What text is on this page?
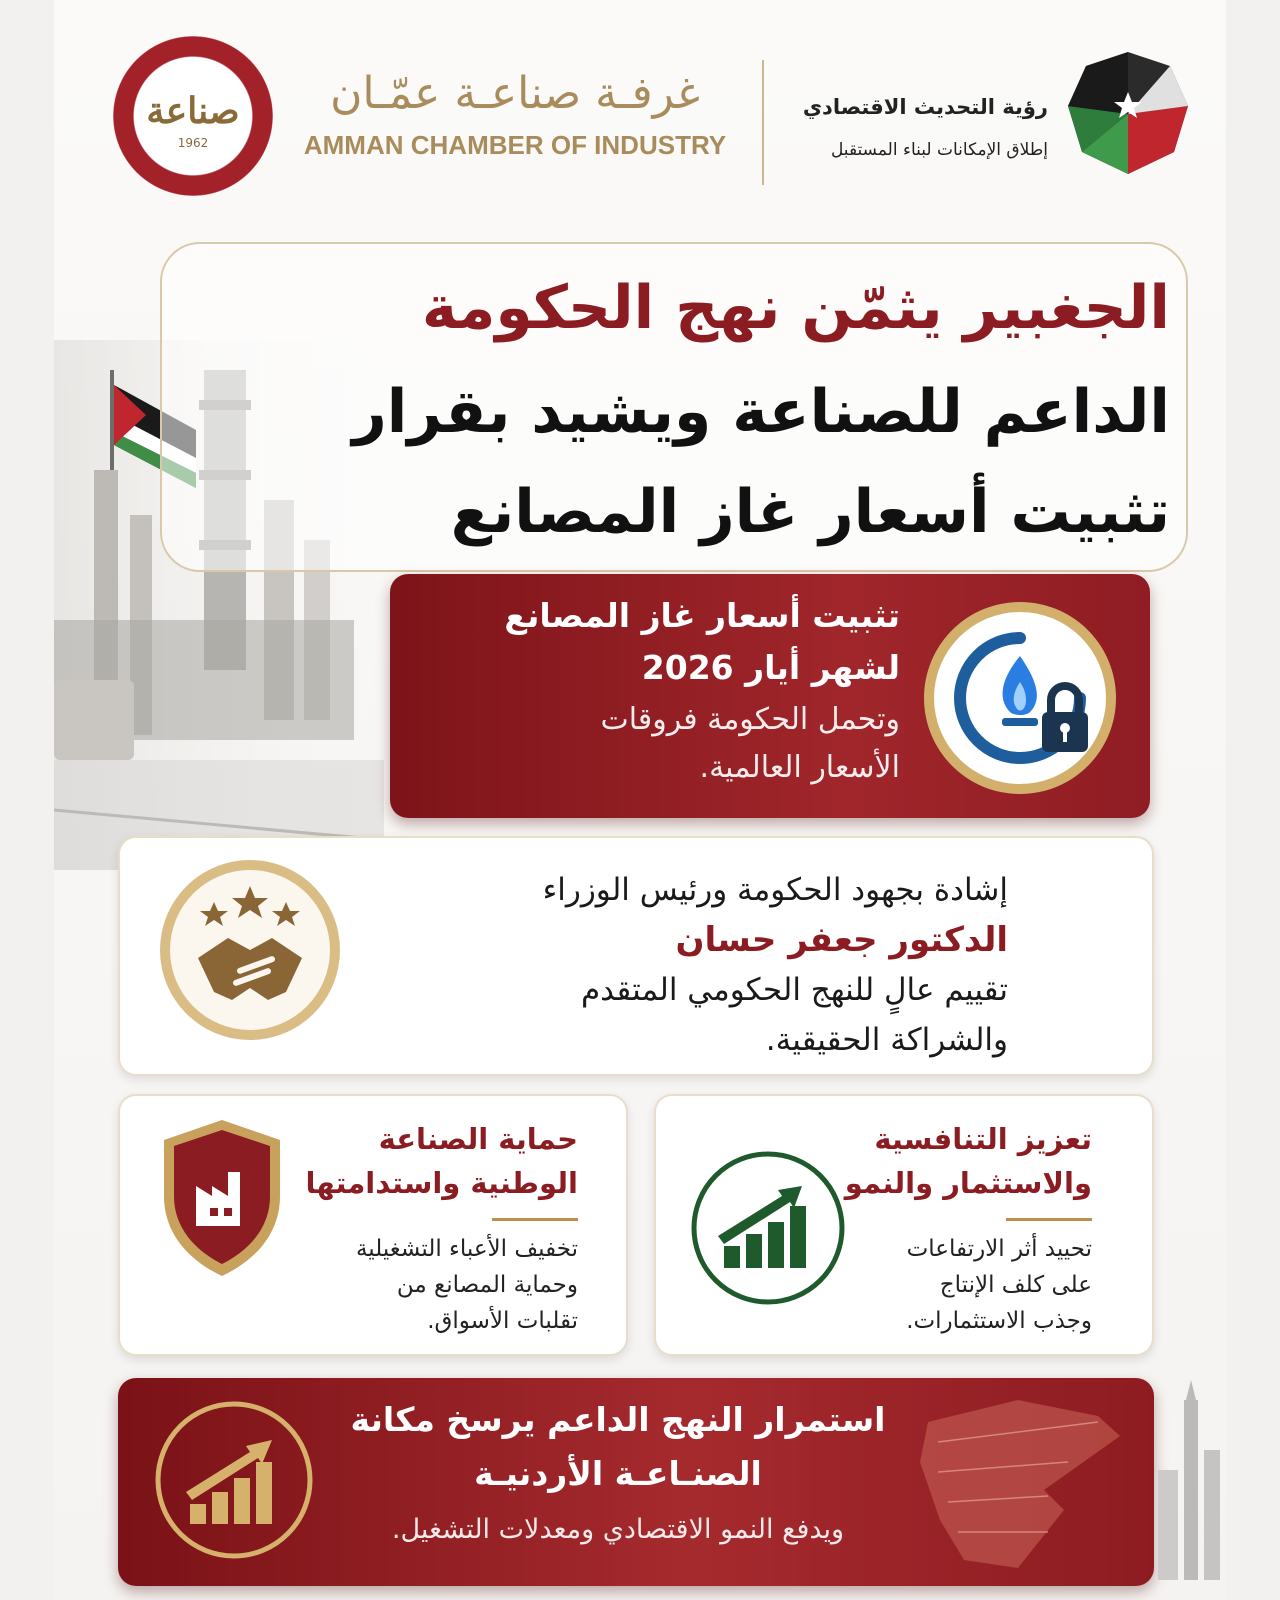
صناعة
1962
غرفـة صناعـة عمّـان
AMMAN CHAMBER OF INDUSTRY
رؤية التحديث الاقتصادي
إطلاق الإمكانات لبناء المستقبل
الجغبير يثمّن نهج الحكومة
الداعم للصناعة ويشيد بقرار
تثبيت أسعار غاز المصانع
تثبيت أسعار غاز المصانع
لشهر أيار 2026
وتحمل الحكومة فروقات
الأسعار العالمية.
إشادة بجهود الحكومة ورئيس الوزراء
الدكتور جعفر حسان
تقييم عالٍ للنهج الحكومي المتقدم
والشراكة الحقيقية.
حماية الصناعة
الوطنية واستدامتها
تخفيف الأعباء التشغيلية
وحماية المصانع من
تقلبات الأسواق.
تعزيز التنافسية
والاستثمار والنمو
تحييد أثر الارتفاعات
على كلف الإنتاج
وجذب الاستثمارات.
استمرار النهج الداعم يرسخ مكانة
الصنـاعـة الأردنيـة
ويدفع النمو الاقتصادي ومعدلات التشغيل.
